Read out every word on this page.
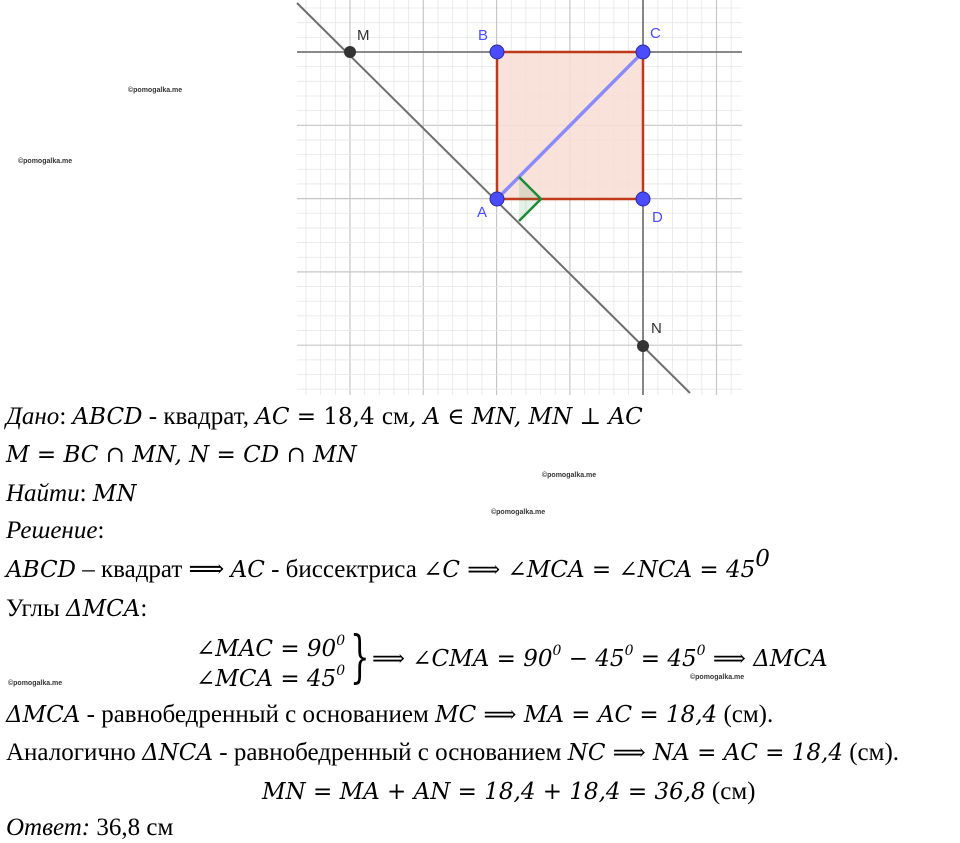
M	B	C
A	D
N
©pomogalka.me
©pomogalka.me
©pomogalka.me
©pomogalka.me
©pomogalka.me
©pomogalka.me
Дано: ABCD - квадрат, AC = 18,4 см, A ∈ MN, MN ⊥ AC
M = BC ∩ MN, N = CD ∩ MN
Найти: MN
Решение:
ABCD – квадрат ⟹ AC - биссектриса ∠C ⟹ ∠MCA = ∠NCA = $45^0$
Углы ΔMCA:
∠MAC = $90^0$
∠MCA = $45^0$ } ⟹ ∠CMA = $90^0 - 45^0 = 45^0$ ⟹ ΔMCA
ΔMCA - равнобедренный с основанием MC ⟹ MA = AC = 18,4 (см).
Аналогично ΔNCA - равнобедренный с основанием NC ⟹ NA = AC = 18,4 (см).
MN = MA + AN = 18,4 + 18,4 = 36,8 (см)
Ответ: 36,8 см
